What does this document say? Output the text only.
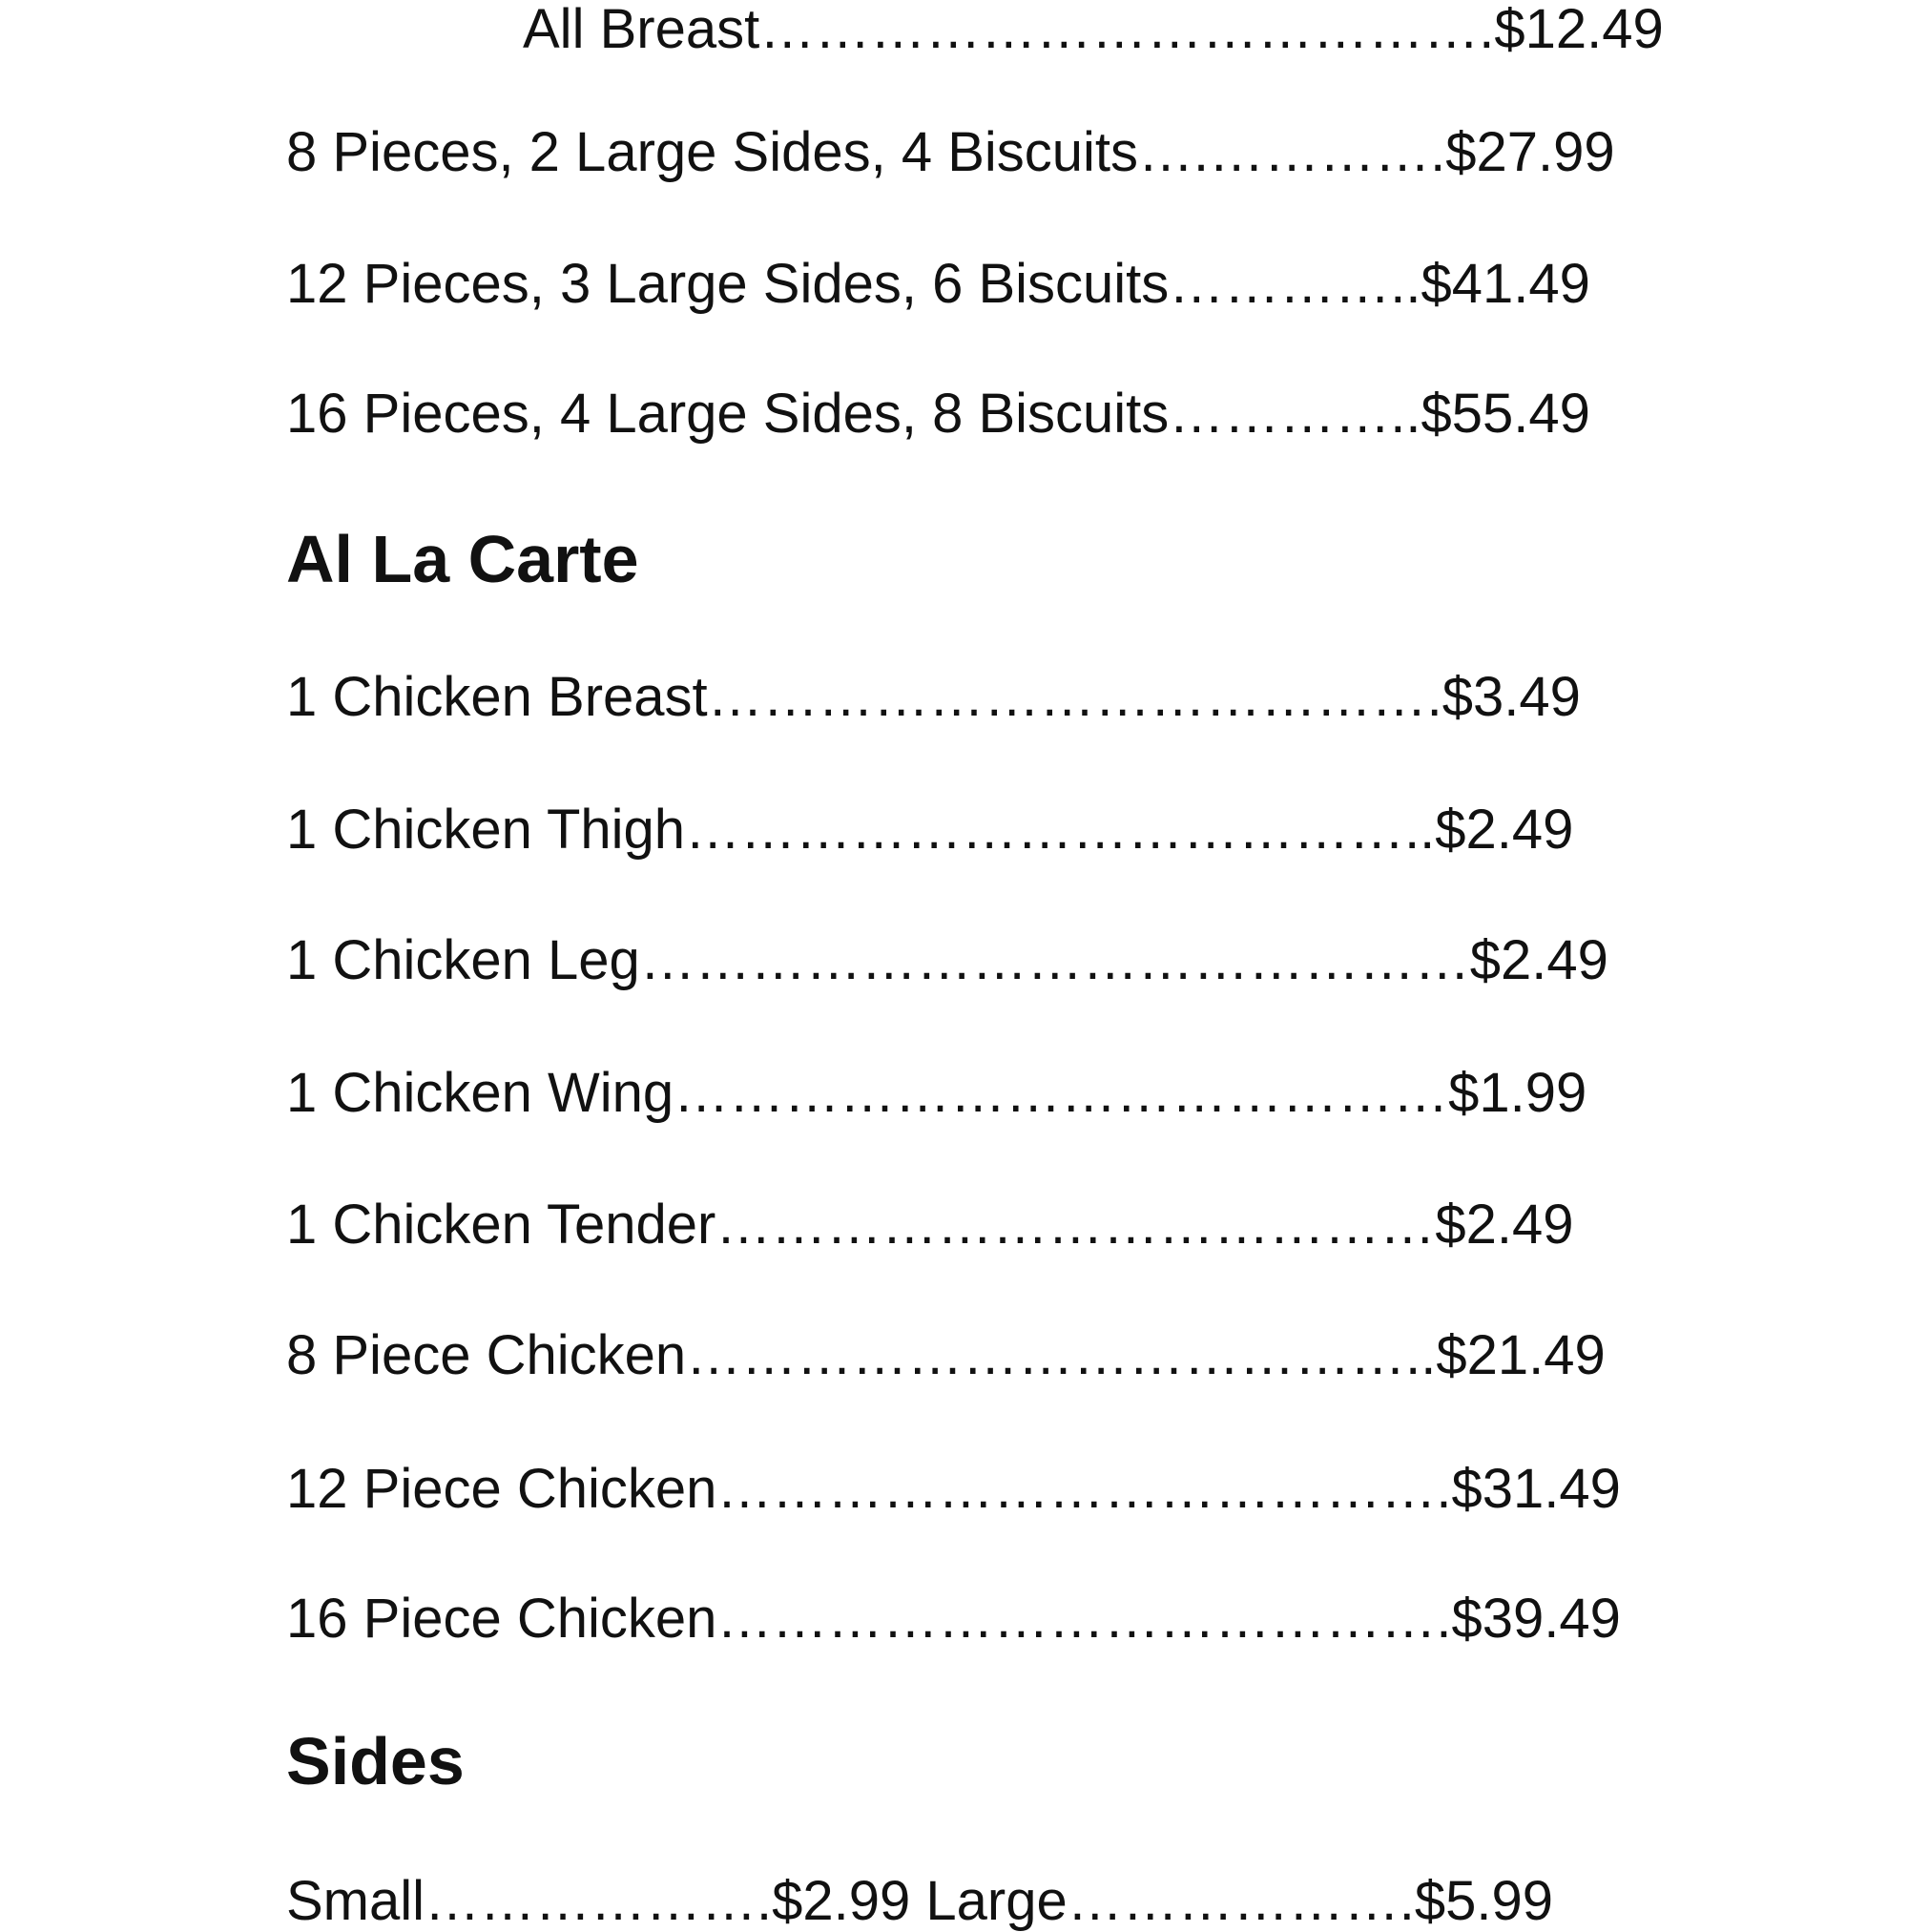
All Breast………………………………….$12.49
8 Pieces, 2 Large Sides, 4 Biscuits….………….$27.99
12 Pieces, 3 Large Sides, 6 Biscuits…………..$41.49
16 Pieces, 4 Large Sides, 8 Biscuits…………..$55.49
Al La Carte
1 Chicken Breast………………………………….$3.49
1 Chicken Thigh…………………………………..$2.49
1 Chicken Leg………………………………………$2.49
1 Chicken Wing……………………………………$1.99
1 Chicken Tender…………………………………$2.49
8 Piece Chicken…………………………………..$21.49
12 Piece Chicken………………………………….$31.49
16 Piece Chicken………………………………….$39.49
Sides
Small……………….$2.99 Large……………….$5.99
